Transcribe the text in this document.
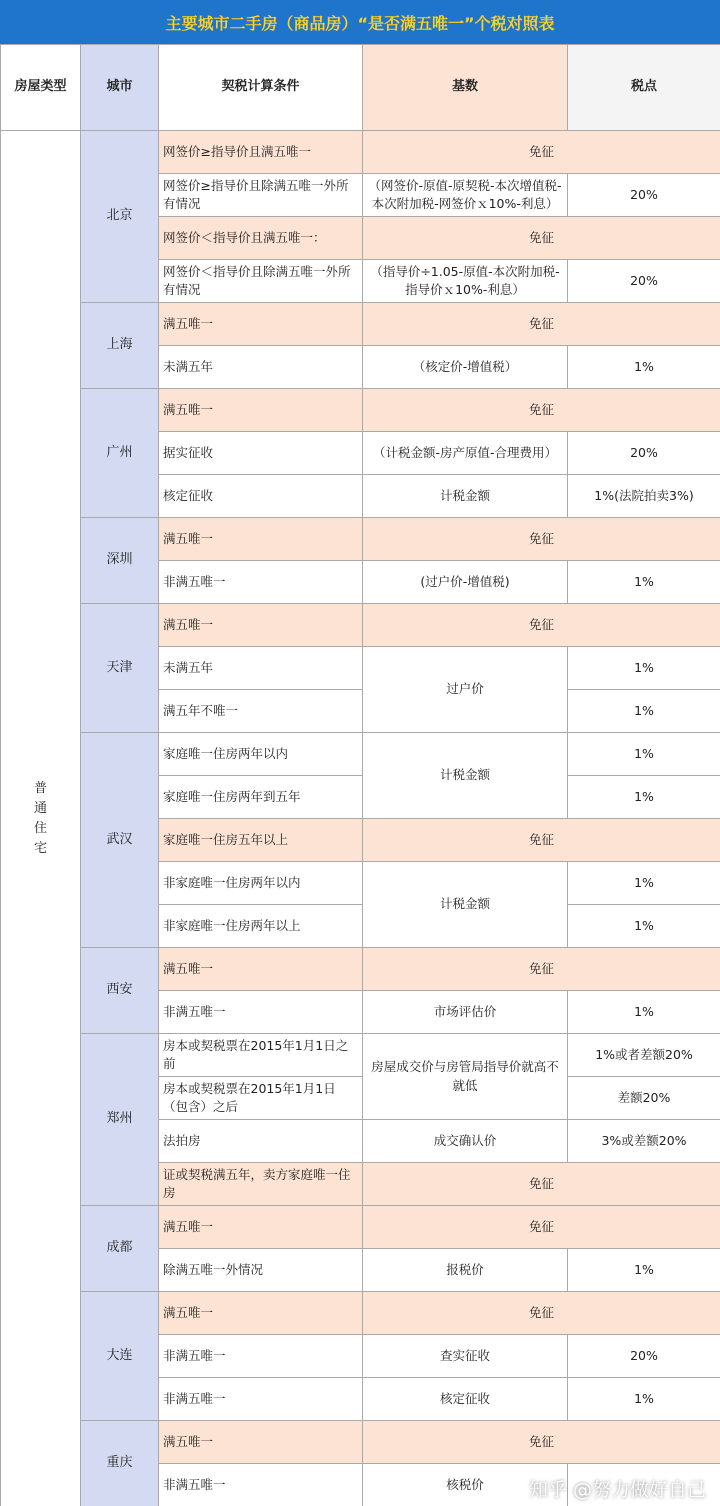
主要城市二手房（商品房）“是否满五唯一”个税对照表
房屋类型	城市	契税计算条件	基数	税点
普通住宅	北京	网签价≥指导价且满五唯一	免征	
		网签价≥指导价且除满五唯一外所有情况	（网签价-原值-原契税-本次增值税-本次附加税-网签价ｘ10%-利息）	20%
		网签价＜指导价且满五唯一：	免征	
		网签价＜指导价且除满五唯一外所有情况	（指导价÷1.05-原值-本次附加税-指导价ｘ10%-利息）	20%
	上海	满五唯一	免征	
		未满五年	（核定价-增值税）	1%
	广州	满五唯一	免征	
		据实征收	（计税金额-房产原值-合理费用）	20%
		核定征收	计税金额	1%(法院拍卖3%)
	深圳	满五唯一	免征	
		非满五唯一	(过户价-增值税)	1%
	天津	满五唯一	免征	
		未满五年	过户价	1%
		满五年不唯一		1%
	武汉	家庭唯一住房两年以内	计税金额	1%
		家庭唯一住房两年到五年		1%
		家庭唯一住房五年以上	免征	
		非家庭唯一住房两年以内	计税金额	1%
		非家庭唯一住房两年以上		1%
	西安	满五唯一	免征	
		非满五唯一	市场评估价	1%
	郑州	房本或契税票在2015年1月1日之前	房屋成交价与房管局指导价就高不就低	1%或者差额20%
		房本或契税票在2015年1月1日（包含）之后		差额20%
		法拍房	成交确认价	3%或差额20%
		证或契税满五年，卖方家庭唯一住房	免征	
	成都	满五唯一	免征	
		除满五唯一外情况	报税价	1%
	大连	满五唯一	免征	
		非满五唯一	查实征收	20%
		非满五唯一	核定征收	1%
	重庆	满五唯一	免征	
		非满五唯一	核税价	知乎 @努力做好自己
